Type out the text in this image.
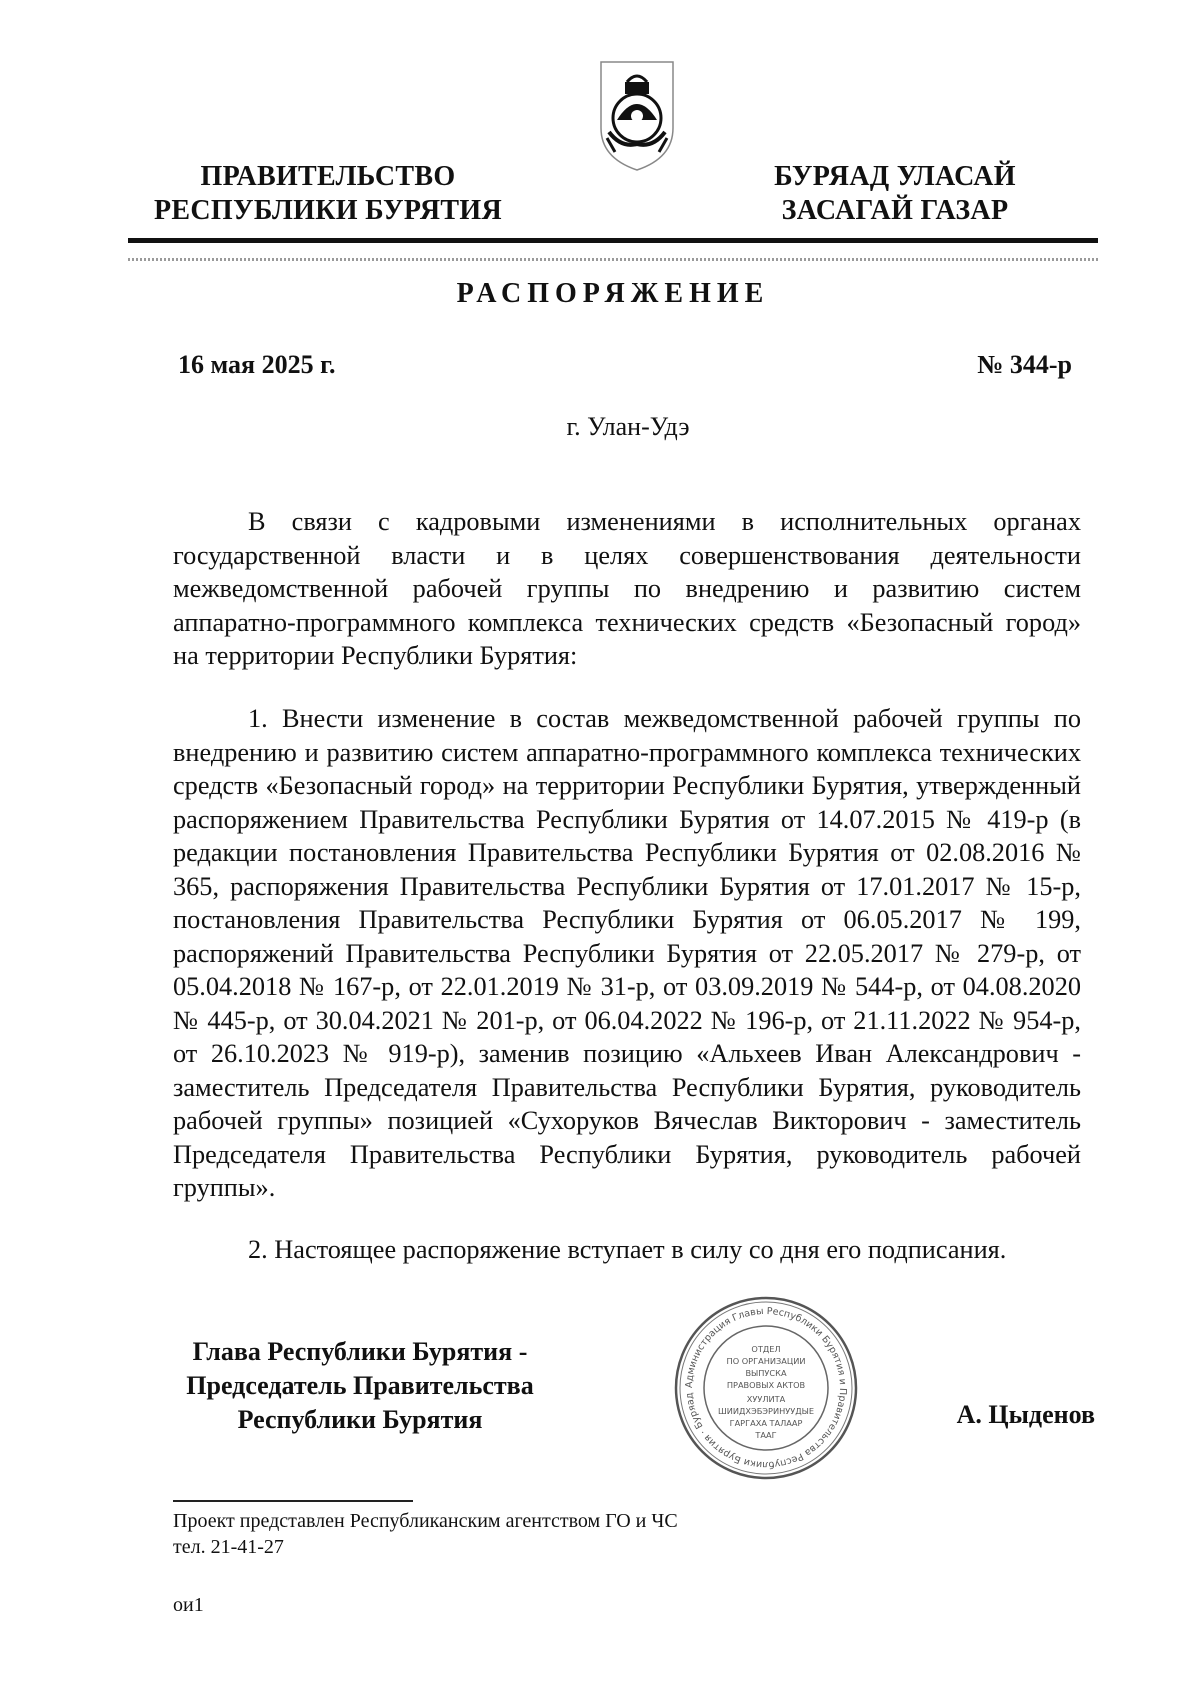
ПРАВИТЕЛЬСТВО
РЕСПУБЛИКИ БУРЯТИЯ
БУРЯАД УЛАСАЙ
ЗАСАГАЙ ГАЗАР
РАСПОРЯЖЕНИЕ
16 мая 2025 г.	№ 344-р
г. Улан-Удэ

В связи с кадровыми изменениями в исполнительных органах государственной власти и в целях совершенствования деятельности межведомственной рабочей группы по внедрению и развитию систем аппаратно-программного комплекса технических средств «Безопасный город» на территории Республики Бурятия:

1. Внести изменение в состав межведомственной рабочей группы по внедрению и развитию систем аппаратно-программного комплекса технических средств «Безопасный город» на территории Республики Бурятия, утвержденный распоряжением Правительства Республики Бурятия от 14.07.2015 № 419-р (в редакции постановления Правительства Республики Бурятия от 02.08.2016 № 365, распоряжения Правительства Республики Бурятия от 17.01.2017 № 15-р, постановления Правительства Республики Бурятия от 06.05.2017 № 199, распоряжений Правительства Республики Бурятия от 22.05.2017 № 279-р, от 05.04.2018 № 167-р, от 22.01.2019 № 31-р, от 03.09.2019 № 544-р, от 04.08.2020 № 445-р, от 30.04.2021 № 201-р, от 06.04.2022 № 196-р, от 21.11.2022 № 954-р, от 26.10.2023 № 919-р), заменив позицию «Альхеев Иван Александрович - заместитель Председателя Правительства Республики Бурятия, руководитель рабочей группы» позицией «Сухоруков Вячеслав Викторович - заместитель Председателя Правительства Республики Бурятия, руководитель рабочей группы».

2. Настоящее распоряжение вступает в силу со дня его подписания.

Глава Республики Бурятия -
Председатель Правительства
Республики Бурятия
Администрация Главы Республики Бурятия и Правительства Республики Бурятия · Буряад
ОТДЕЛ
ПО ОРГАНИЗАЦИИ
ВЫПУСКА
ПРАВОВЫХ АКТОВ
ХУУЛИТА
ШИИДХЭБЭРИНУУДЫЕ
ГАРГАХА ТАЛААР
ТААГ
А. Цыденов
Проект представлен Республиканским агентством ГО и ЧС
тел. 21-41-27
ои1
